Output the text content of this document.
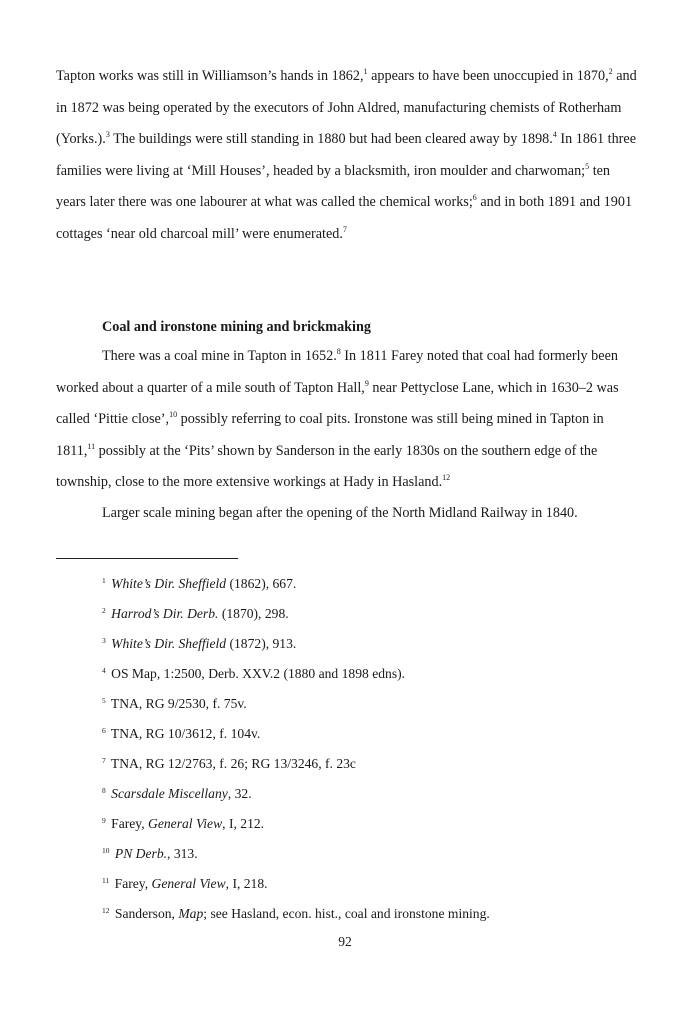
Tapton works was still in Williamson’s hands in 1862,$^1$ appears to have been unoccupied in 1870,$^2$ and in 1872 was being operated by the executors of John Aldred, manufacturing chemists of Rotherham (Yorks.).$^3$ The buildings were still standing in 1880 but had been cleared away by 1898.$^4$ In 1861 three families were living at ‘Mill Houses’, headed by a blacksmith, iron moulder and charwoman;$^5$ ten years later there was one labourer at what was called the chemical works;$^6$ and in both 1891 and 1901 cottages ‘near old charcoal mill’ were enumerated.$^7$

Coal and ironstone mining and brickmaking

There was a coal mine in Tapton in 1652.$^8$ In 1811 Farey noted that coal had formerly been worked about a quarter of a mile south of Tapton Hall,$^9$ near Pettyclose Lane, which in 1630–2 was called ‘Pittie close’,$^{10}$ possibly referring to coal pits. Ironstone was still being mined in Tapton in 1811,11 possibly at the ‘Pits’ shown by Sanderson in the early 1830s on the southern edge of the township, close to the more extensive workings at Hady in Hasland.$^{12}$

Larger scale mining began after the opening of the North Midland Railway in 1840.

$^1$ White’s Dir. Sheffield (1862), 667.
$^2$ Harrod’s Dir. Derb. (1870), 298.
$^3$ White’s Dir. Sheffield (1872), 913.
$^4$ OS Map, 1:2500, Derb. XXV.2 (1880 and 1898 edns).
$^5$ TNA, RG 9/2530, f. 75v.
$^6$ TNA, RG 10/3612, f. 104v.
$^7$ TNA, RG 12/2763, f. 26; RG 13/3246, f. 23c
$^8$ Scarsdale Miscellany, 32.
$^9$ Farey, General View, I, 212.
$^{10}$ PN Derb., 313.
$^{11}$ Farey, General View, I, 218.
$^{12}$ Sanderson, Map; see Hasland, econ. hist., coal and ironstone mining.
92
